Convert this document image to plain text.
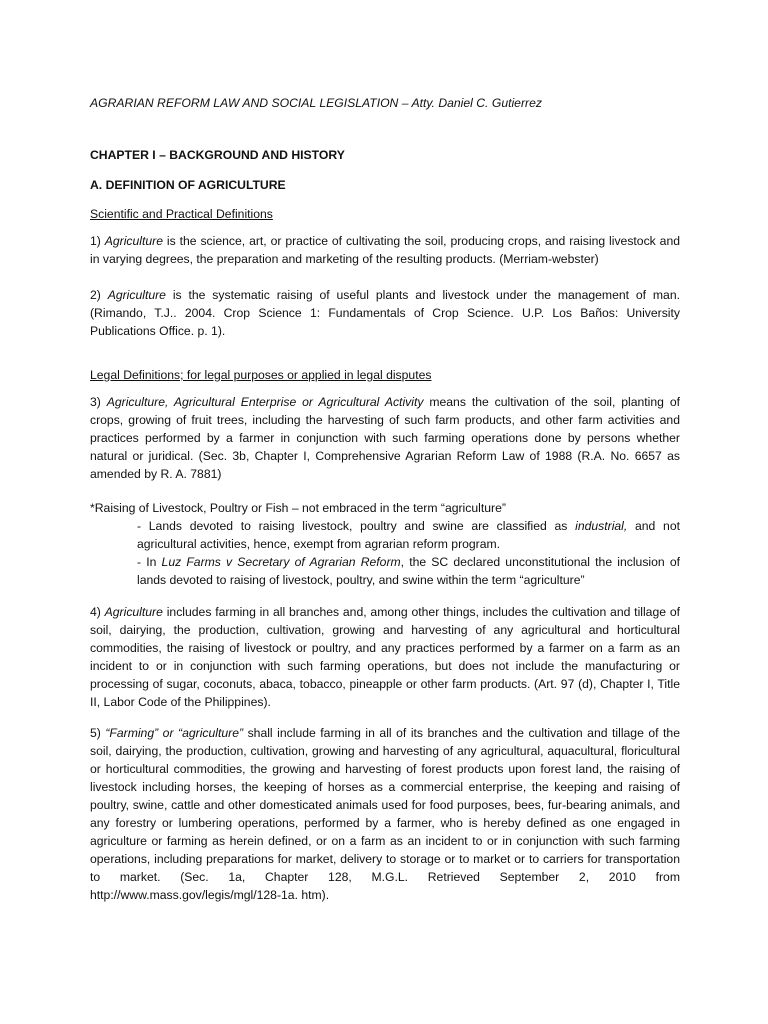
AGRARIAN REFORM LAW AND SOCIAL LEGISLATION – Atty. Daniel C. Gutierrez

CHAPTER I – BACKGROUND AND HISTORY

A. DEFINITION OF AGRICULTURE

Scientific and Practical Definitions

1) Agriculture is the science, art, or practice of cultivating the soil, producing crops, and raising livestock and in varying degrees, the preparation and marketing of the resulting products. (Merriam-webster)

2) Agriculture is the systematic raising of useful plants and livestock under the management of man. (Rimando, T.J.. 2004. Crop Science 1: Fundamentals of Crop Science. U.P. Los Baños: University Publications Office. p. 1).

Legal Definitions; for legal purposes or applied in legal disputes

3) Agriculture, Agricultural Enterprise or Agricultural Activity means the cultivation of the soil, planting of crops, growing of fruit trees, including the harvesting of such farm products, and other farm activities and practices performed by a farmer in conjunction with such farming operations done by persons whether natural or juridical. (Sec. 3b, Chapter I, Comprehensive Agrarian Reform Law of 1988 (R.A. No. 6657 as amended by R. A. 7881)

*Raising of Livestock, Poultry or Fish – not embraced in the term “agriculture”

- Lands devoted to raising livestock, poultry and swine are classified as industrial, and not agricultural activities, hence, exempt from agrarian reform program.

- In Luz Farms v Secretary of Agrarian Reform, the SC declared unconstitutional the inclusion of lands devoted to raising of livestock, poultry, and swine within the term “agriculture”

4) Agriculture includes farming in all branches and, among other things, includes the cultivation and tillage of soil, dairying, the production, cultivation, growing and harvesting of any agricultural and horticultural commodities, the raising of livestock or poultry, and any practices performed by a farmer on a farm as an incident to or in conjunction with such farming operations, but does not include the manufacturing or processing of sugar, coconuts, abaca, tobacco, pineapple or other farm products. (Art. 97 (d), Chapter I, Title II, Labor Code of the Philippines).

5) “Farming” or “agriculture” shall include farming in all of its branches and the cultivation and tillage of the soil, dairying, the production, cultivation, growing and harvesting of any agricultural, aquacultural, floricultural or horticultural commodities, the growing and harvesting of forest products upon forest land, the raising of livestock including horses, the keeping of horses as a commercial enterprise, the keeping and raising of poultry, swine, cattle and other domesticated animals used for food purposes, bees, fur-bearing animals, and any forestry or lumbering operations, performed by a farmer, who is hereby defined as one engaged in agriculture or farming as herein defined, or on a farm as an incident to or in conjunction with such farming operations, including preparations for market, delivery to storage or to market or to carriers for transportation to market. (Sec. 1a, Chapter 128, M.G.L. Retrieved September 2, 2010 from http://www.mass.gov/legis/mgl/128-1a. htm).
